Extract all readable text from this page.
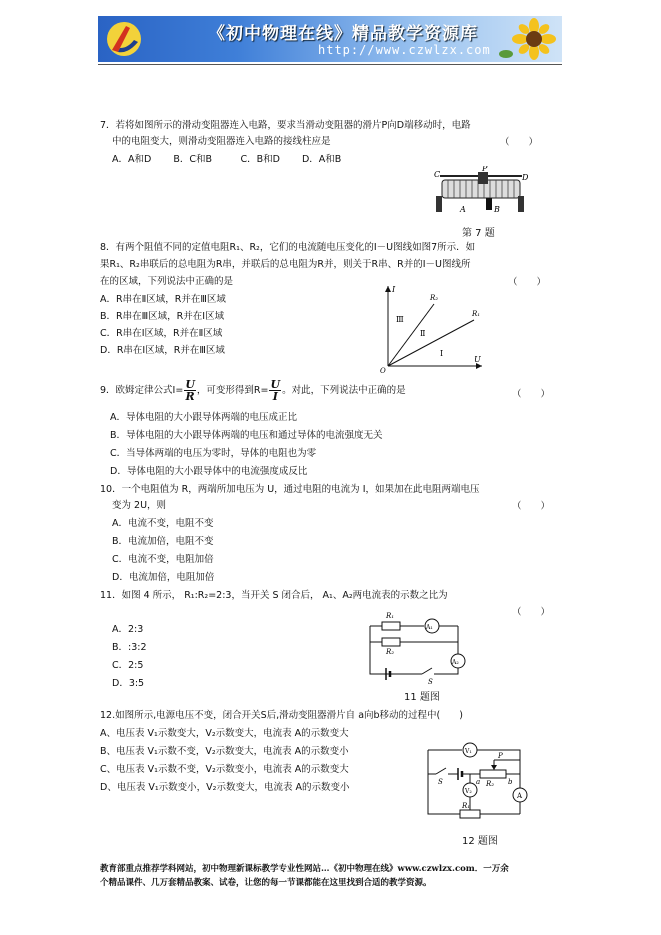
《初中物理在线》精品教学资源库
http://www.czwlzx.com
7．若将如图所示的滑动变阻器连入电路，要求当滑动变阻器的滑片P向D端移动时，电路
中的电阻变大，则滑动变阻器连入电路的接线柱应是	（　　）
A．A和D　　 B．C和B　　　C．B和D　　 D．A和B
C
P
D
A	B
第 7 题
8．有两个阻值不同的定值电阻R₁、R₂，它们的电流随电压变化的I－U图线如图7所示．如
果R₁、R₂串联后的总电阻为R串，并联后的总电阻为R并，则关于R串、R并的I－U图线所
在的区域，下列说法中正确的是	（　　）
A．R串在Ⅱ区域，R并在Ⅲ区域
B．R串在Ⅲ区域，R并在Ⅰ区域
C．R串在Ⅰ区域，R并在Ⅱ区域
D．R串在Ⅰ区域，R并在Ⅲ区域
I
U
O
R₂
R₁
Ⅲ
Ⅱ
Ⅰ
9．欧姆定律公式$I= \frac{U}{R}$ ，可变形得到$R= \frac{U}{I}$ 。对此，下列说法中正确的是	（　　）
A．导体电阻的大小跟导体两端的电压成正比
B．导体电阻的大小跟导体两端的电压和通过导体的电流强度无关
C．当导体两端的电压为零时，导体的电阻也为零
D．导体电阻的大小跟导体中的电流强度成反比
10．一个电阻值为 R，两端所加电压为 U，通过电阻的电流为 I，如果加在此电阻两端电压
变为 2U，则	（　　）
A．电流不变，电阻不变
B．电流加倍，电阻不变
C．电流不变，电阻加倍
D．电流加倍，电阻加倍
11．如图 4 所示， R₁:R₂=2:3，当开关 S 闭合后， A₁、A₂两电流表的示数之比为
（　　）
A．2:3
B．:3:2
C．2:5
D．3:5
R₁
R₂
A₁
A₂
S
11 题图
12.如图所示,电源电压不变，闭合开关S后,滑动变阻器滑片自 a向b移动的过程中(　　)
A、电压表 V₁示数变大，V₂示数变大，电流表 A的示数变大
B、电压表 V₁示数不变，V₂示数变大，电流表 A的示数变小
C、电压表 V₁示数不变，V₂示数变小，电流表 A的示数变大
D、电压表 V₁示数变小，V₂示数变大，电流表 A的示数变小
V₁
V₂
A
S
R₁
R₂
P
a	b
12 题图
教育部重点推荐学科网站，初中物理新课标教学专业性网站…《初中物理在线》www.czwlzx.com．一万余
个精品课件、几万套精品教案、试卷，让您的每一节课都能在这里找到合适的教学资源。
